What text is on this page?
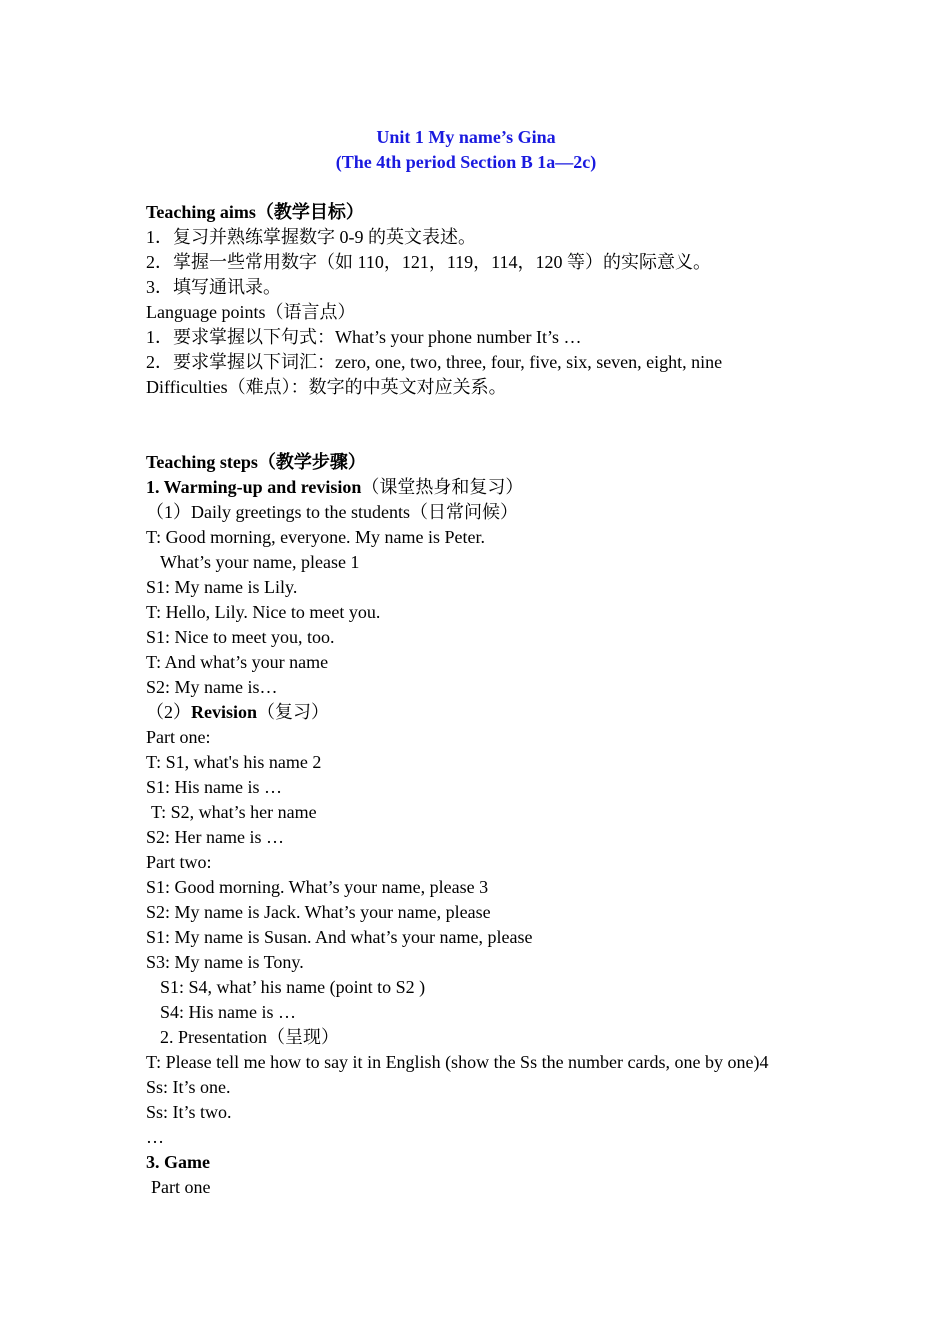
Unit 1 My name’s Gina
(The 4th period Section B 1a—2c)
Teaching aims（教学目标）
1．复习并熟练掌握数字 0-9 的英文表述。
2．掌握一些常用数字（如 110，121，119，114，120 等）的实际意义。
3．填写通讯录。
Language points（语言点）
1．要求掌握以下句式：What’s your phone number It’s …
2．要求掌握以下词汇：zero, one, two, three, four, five, six, seven, eight, nine
Difficulties（难点）：数字的中英文对应关系。
Teaching steps（教学步骤）
1. Warming-up and revision（课堂热身和复习）
（1）Daily greetings to the students（日常问候）
T: Good morning, everyone. My name is Peter.
What’s your name, please 1
S1: My name is Lily.
T: Hello, Lily. Nice to meet you.
S1: Nice to meet you, too.
T: And what’s your name
S2: My name is…
（2）Revision（复习）
Part one:
T: S1, what's his name 2
S1: His name is …
T: S2, what’s her name
S2: Her name is …
Part two:
S1: Good morning. What’s your name, please 3
S2: My name is Jack. What’s your name, please
S1: My name is Susan. And what’s your name, please
S3: My name is Tony.
S1: S4, what’ his name (point to S2 )
S4: His name is …
2. Presentation（呈现）
T: Please tell me how to say it in English (show the Ss the number cards, one by one)4
Ss: It’s one.
Ss: It’s two.
…
3. Game
Part one
